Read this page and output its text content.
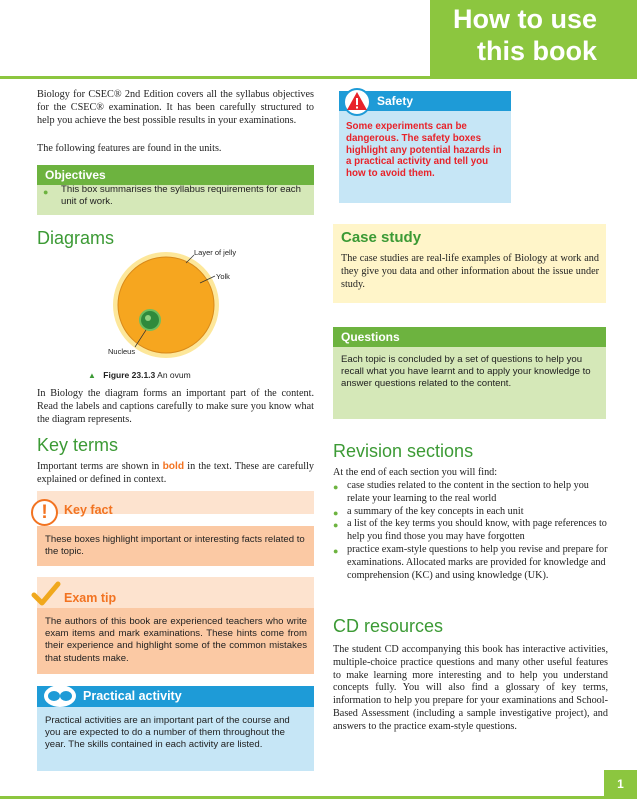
How to use
this book
Biology for CSEC® 2nd Edition covers all the syllabus objectives for the CSEC® examination. It has been carefully structured to help you achieve the best possible results in your examinations.
The following features are found in the units.
Objectives
● This box summarises the syllabus requirements for each unit of work.
Diagrams
Layer of jelly
Yolk
Nucleus
▲ Figure 23.1.3 An ovum
In Biology the diagram forms an important part of the content. Read the labels and captions carefully to make sure you know what the diagram represents.
Key terms
Important terms are shown in bold in the text. These are carefully explained or defined in context.
!	Key fact
These boxes highlight important or interesting facts related to the topic.
Exam tip
The authors of this book are experienced teachers who write exam items and mark examinations. These hints come from their experience and highlight some of the common mistakes that students make.
Practical activity
Practical activities are an important part of the course and you are expected to do a number of them throughout the year. The skills contained in each activity are listed.
Safety
Some experiments can be dangerous. The safety boxes highlight any potential hazards in a practical activity and tell you how to avoid them.
Case study
The case studies are real-life examples of Biology at work and they give you data and other information about the issue under study.
Questions
Each topic is concluded by a set of questions to help you recall what you have learnt and to apply your knowledge to answer questions related to the content.
Revision sections
At the end of each section you will find:
● case studies related to the content in the section to help you relate your learning to the real world
● a summary of the key concepts in each unit
● a list of the key terms you should know, with page references to help you find those you may have forgotten
● practice exam-style questions to help you revise and prepare for examinations. Allocated marks are provided for knowledge and comprehension (KC) and using knowledge (UK).
CD resources
The student CD accompanying this book has interactive activities, multiple-choice practice questions and many other useful features to make learning more interesting and to help you understand concepts fully. You will also find a glossary of key terms, information to help you prepare for your examinations and School-Based Assessment (including a sample investigative project), and answers to the practice exam-style questions.
1
